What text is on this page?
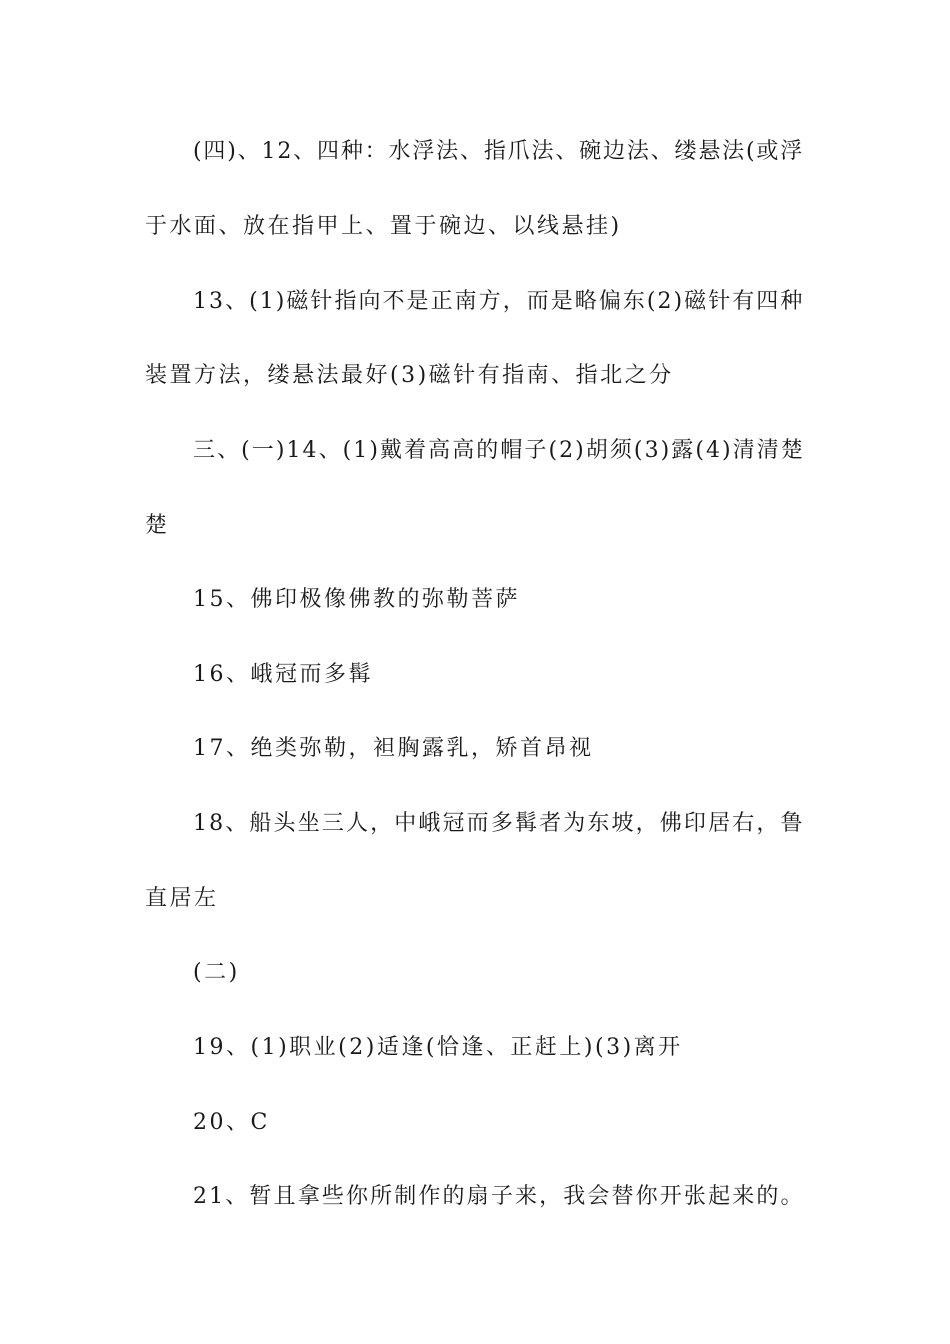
(四)、12、四种：水浮法、指爪法、碗边法、缕悬法(或浮
于水面、放在指甲上、置于碗边、以线悬挂)
13、(1)磁针指向不是正南方，而是略偏东(2)磁针有四种
装置方法，缕悬法最好(3)磁针有指南、指北之分
三、(一)14、(1)戴着高高的帽子(2)胡须(3)露(4)清清楚
楚
15、佛印极像佛教的弥勒菩萨
16、峨冠而多髯
17、绝类弥勒，袒胸露乳，矫首昂视
18、船头坐三人，中峨冠而多髯者为东坡，佛印居右，鲁
直居左
(二)
19、(1)职业(2)适逢(恰逢、正赶上)(3)离开
20、C
21、暂且拿些你所制作的扇子来，我会替你开张起来的。
